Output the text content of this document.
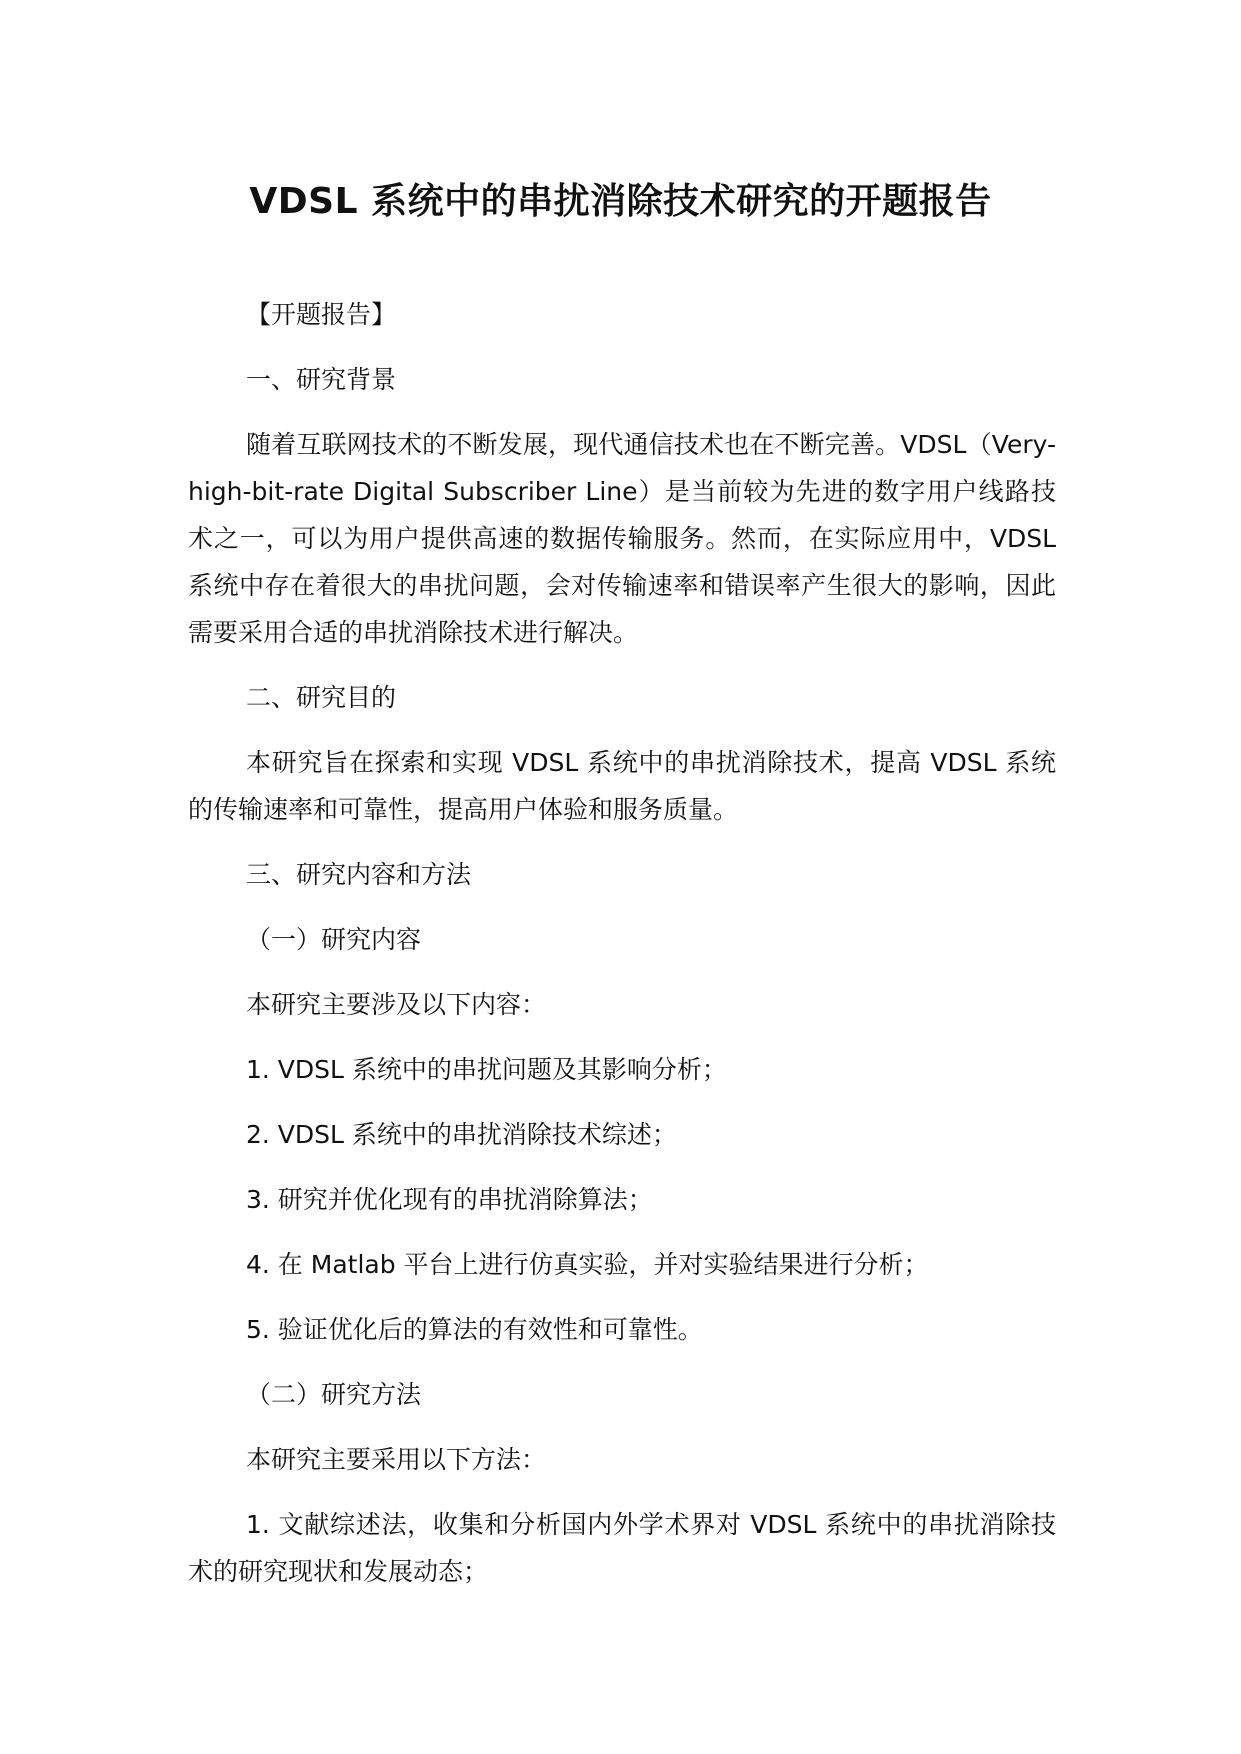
VDSL 系统中的串扰消除技术研究的开题报告

【开题报告】

一、研究背景

随着互联网技术的不断发展，现代通信技术也在不断完善。VDSL（Very-high-bit-rate Digital Subscriber Line）是当前较为先进的数字用户线路技术之一，可以为用户提供高速的数据传输服务。然而，在实际应用中，VDSL 系统中存在着很大的串扰问题，会对传输速率和错误率产生很大的影响，因此需要采用合适的串扰消除技术进行解决。

二、研究目的

本研究旨在探索和实现 VDSL 系统中的串扰消除技术，提高 VDSL 系统的传输速率和可靠性，提高用户体验和服务质量。

三、研究内容和方法

（一）研究内容

本研究主要涉及以下内容：

1. VDSL 系统中的串扰问题及其影响分析；

2. VDSL 系统中的串扰消除技术综述；

3. 研究并优化现有的串扰消除算法；

4. 在 Matlab 平台上进行仿真实验，并对实验结果进行分析；

5. 验证优化后的算法的有效性和可靠性。

（二）研究方法

本研究主要采用以下方法：

1. 文献综述法，收集和分析国内外学术界对 VDSL 系统中的串扰消除技术的研究现状和发展动态；
